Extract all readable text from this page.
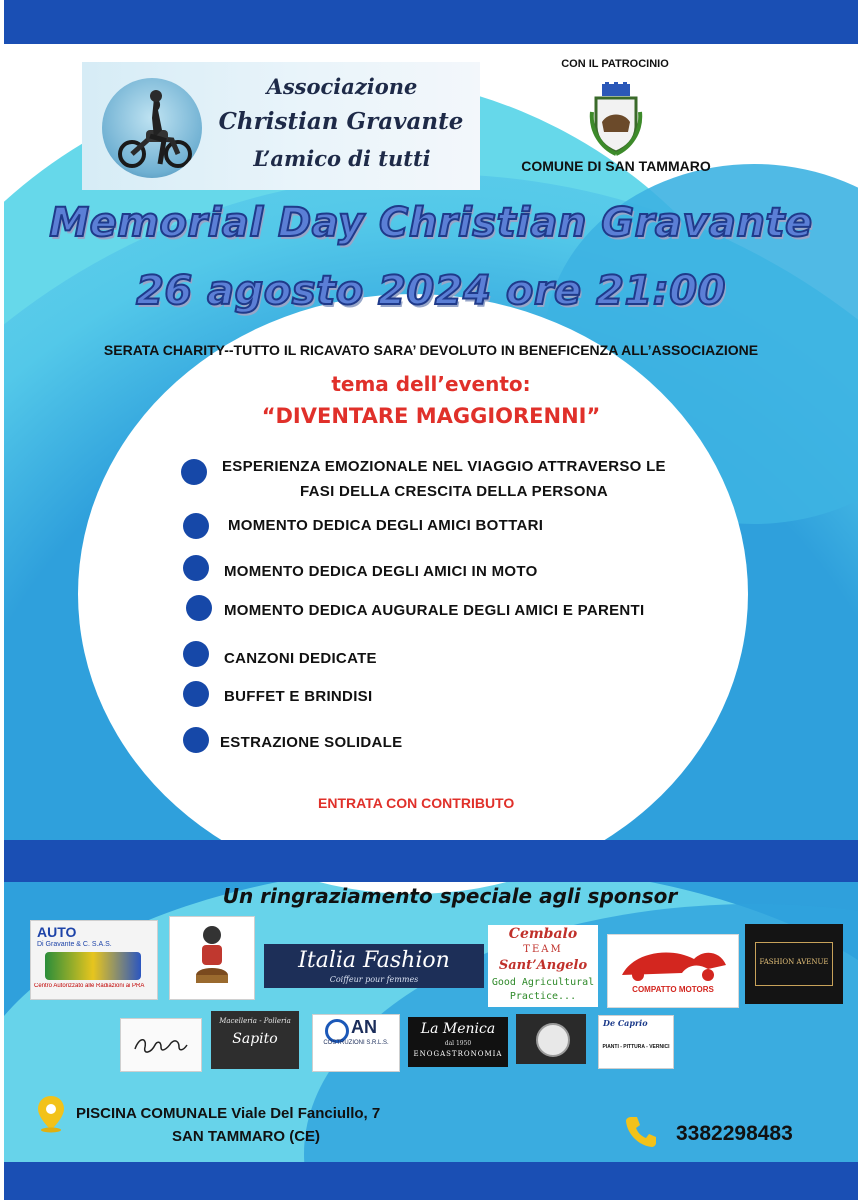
Associazione
Christian Gravante
L’amico di tutti
CON IL PATROCINIO
COMUNE DI SAN TAMMARO
Memorial Day Christian Gravante
26 agosto 2024 ore 21:00
SERATA CHARITY--TUTTO IL RICAVATO SARA’ DEVOLUTO IN BENEFICENZA ALL’ASSOCIAZIONE
tema dell’evento:
“DIVENTARE MAGGIORENNI”
ESPERIENZA EMOZIONALE NEL VIAGGIO ATTRAVERSO LE
FASI DELLA CRESCITA DELLA PERSONA
MOMENTO DEDICA DEGLI AMICI BOTTARI
MOMENTO DEDICA DEGLI AMICI IN MOTO
MOMENTO DEDICA AUGURALE DEGLI AMICI E PARENTI
CANZONI DEDICATE
BUFFET E BRINDISI
ESTRAZIONE SOLIDALE
ENTRATA CON CONTRIBUTO
Un ringraziamento speciale agli sponsor
AUTO
Di Gravante & C. S.A.S.
Centro Autorizzato alle Radiazioni ai PRA
Italia Fashion
Coiffeur pour femmes
Cembalo
TEAM
Sant’Angelo
Good Agricultural
Practice...
COMPATTO MOTORS
FASHION AVENUE
Macelleria - Polleria
Sapito
AN
COSTRUZIONI S.R.L.S.
La Menica
dal 1950
ENOGASTRONOMIA
De Caprio
PIANTI - PITTURA - VERNICI
PISCINA COMUNALE Viale Del Fanciullo, 7
SAN TAMMARO (CE)	3382298483
